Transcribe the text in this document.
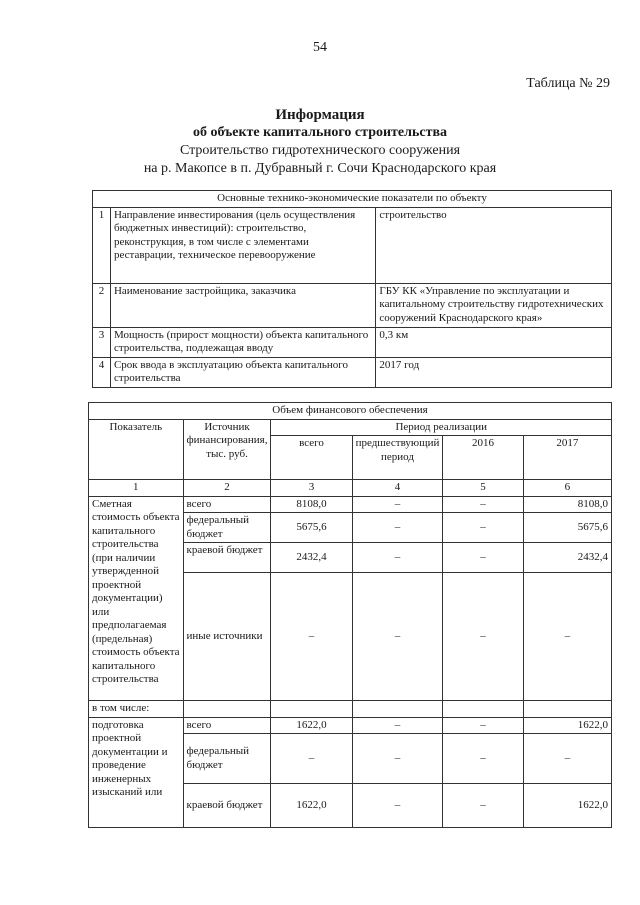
54
Таблица № 29
Информация
об объекте капитального строительства
Строительство гидротехнического сооружения
на р. Макопсе в п. Дубравный г. Сочи Краснодарского края
Основные технико-экономические показатели по объекту		
1	Направление инвестирования (цель осуществления бюджетных инвестиций): строительство, реконструкция, в том числе с элементами реставрации, техническое перевооружение	строительство
2	Наименование застройщика, заказчика	ГБУ КК «Управление по эксплуатации и капитальному строительству гидротехнических сооружений Краснодарского края»
3	Мощность (прирост мощности) объекта капитального строительства, подлежащая вводу	0,3 км
4	Срок ввода в эксплуатацию объекта капитального строительства	2017 год
Объем финансового обеспечения					
Показатель	Источник финансирования, тыс. руб.	Период реализации			
		всего	предшествующий период	2016	2017
1	2	3	4	5	6
Сметная стоимость объекта капитального строительства (при наличии утвержденной проектной документации) или предполагаемая (предельная) стоимость объекта капитального строительства	всего	8108,0	–	–	8108,0
	федеральный бюджет	5675,6	–	–	5675,6
	краевой бюджет	2432,4	–	–	2432,4
	иные источники	–	–	–	–
в том числе:					
подготовка проектной документации и проведение инженерных изысканий или	всего	1622,0	–	–	1622,0
	федеральный бюджет	–	–	–	–
	краевой бюджет	1622,0	–	–	1622,0
